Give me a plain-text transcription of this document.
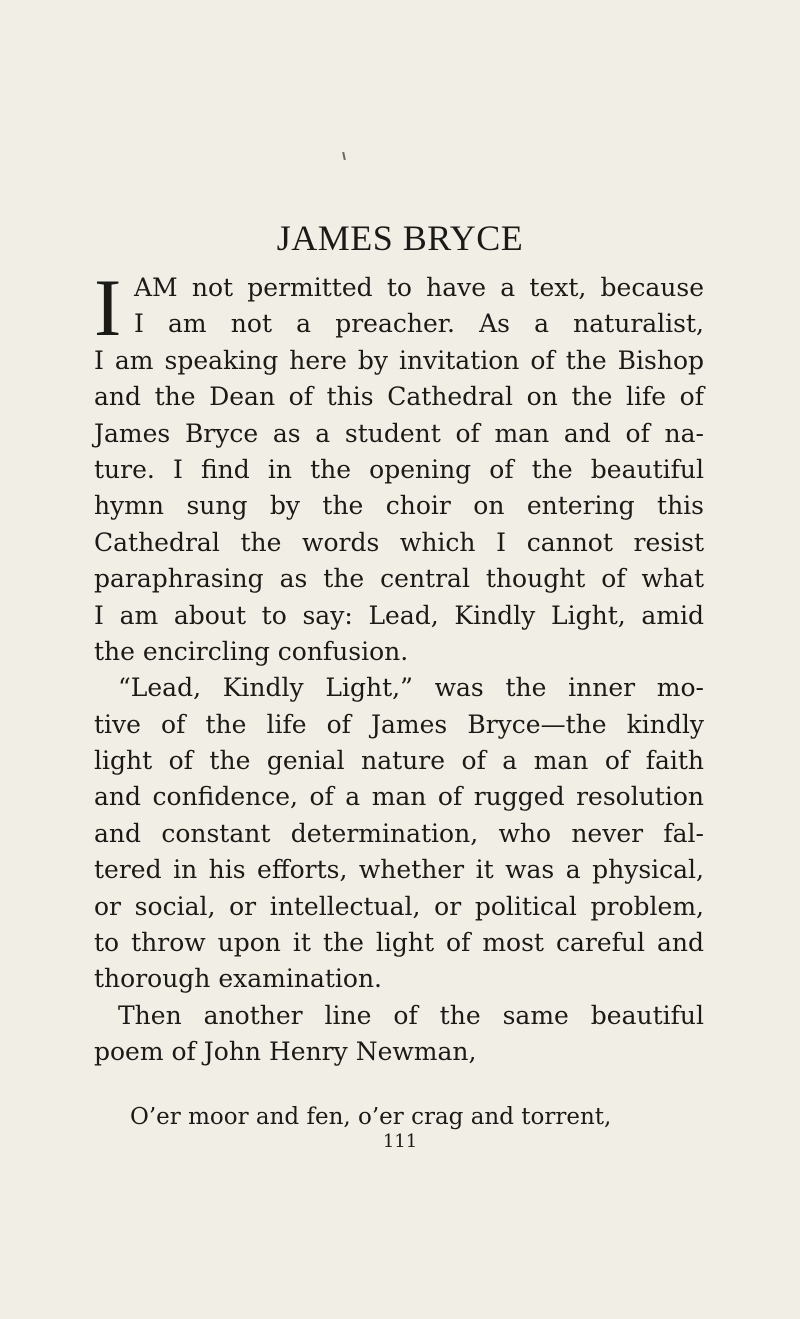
JAMES BRYCE
I AM not permitted to have a text, because
I am not a preacher. As a naturalist,
I am speaking here by invitation of the Bishop
and the Dean of this Cathedral on the life of
James Bryce as a student of man and of na-
ture. I find in the opening of the beautiful
hymn sung by the choir on entering this
Cathedral the words which I cannot resist
paraphrasing as the central thought of what
I am about to say: Lead, Kindly Light, amid
the encircling confusion.
“Lead, Kindly Light,” was the inner mo-
tive of the life of James Bryce—the kindly
light of the genial nature of a man of faith
and confidence, of a man of rugged resolution
and constant determination, who never fal-
tered in his efforts, whether it was a physical,
or social, or intellectual, or political problem,
to throw upon it the light of most careful and
thorough examination.
Then another line of the same beautiful
poem of John Henry Newman,
O’er moor and fen, o’er crag and torrent,
111
